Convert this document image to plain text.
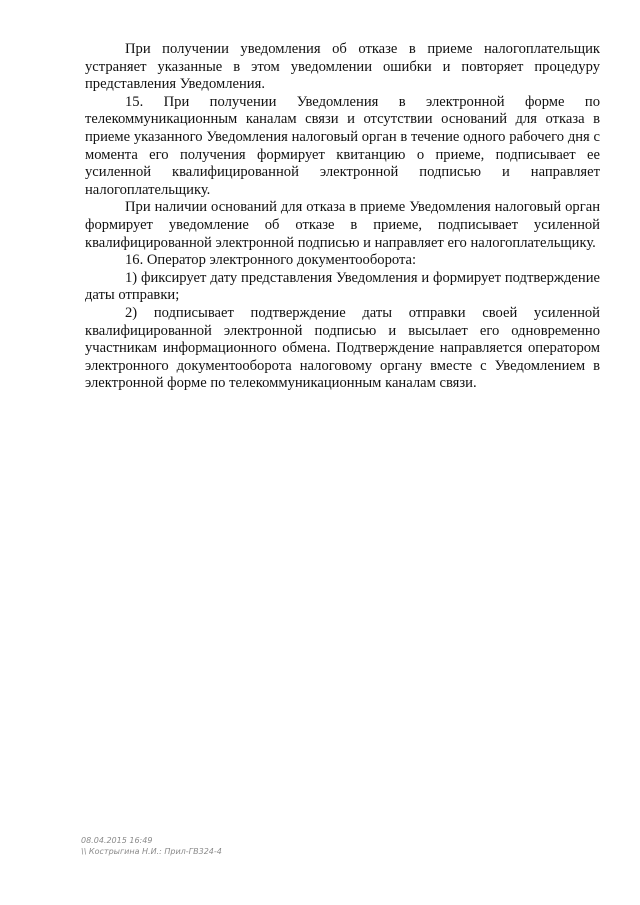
При получении уведомления об отказе в приеме налогоплательщик устраняет указанные в этом уведомлении ошибки и повторяет процедуру представления Уведомления.

15. При получении Уведомления в электронной форме по телекоммуникационным каналам связи и отсутствии оснований для отказа в приеме указанного Уведомления налоговый орган в течение одного рабочего дня с момента его получения формирует квитанцию о приеме, подписывает ее усиленной квалифицированной электронной подписью и направляет налогоплательщику.

При наличии оснований для отказа в приеме Уведомления налоговый орган формирует уведомление об отказе в приеме, подписывает усиленной квалифицированной электронной подписью и направляет его налогоплательщику.

16. Оператор электронного документооборота:

1) фиксирует дату представления Уведомления и формирует подтверждение даты отправки;

2) подписывает подтверждение даты отправки своей усиленной квалифицированной электронной подписью и высылает его одновременно участникам информационного обмена. Подтверждение направляется оператором электронного документооборота налоговому органу вместе с Уведомлением в электронной форме по телекоммуникационным каналам связи.

08.04.2015 16:49
\\ Кострыгина Н.И.: Прил-ГВ324-4
